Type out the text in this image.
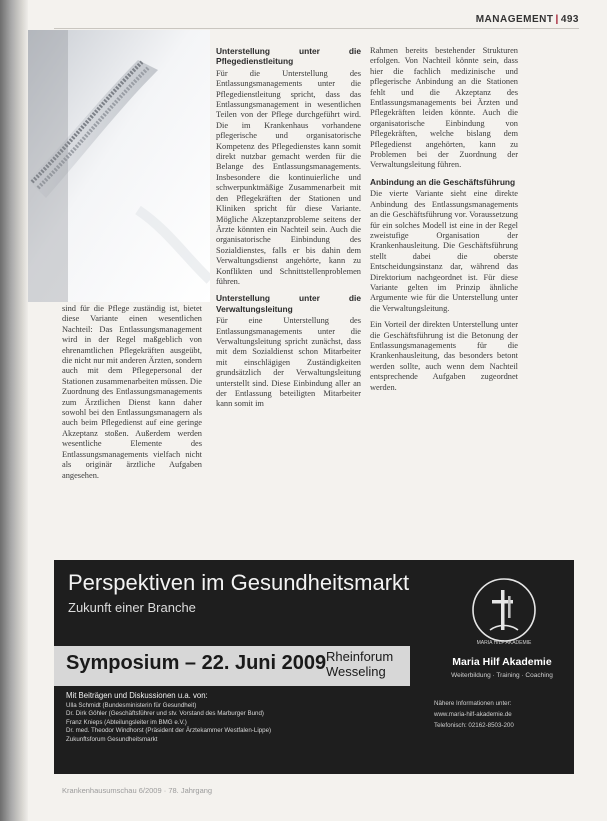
MANAGEMENT | 493

sind für die Pflege zuständig ist, bietet diese Variante einen wesentlichen Nachteil: Das Entlassungsmanagement wird in der Regel maßgeblich von ehrenamtlichen Pflegekräften ausgeübt, die nicht nur mit anderen Ärzten, sondern auch mit dem Pflegepersonal der Stationen zusammenarbeiten müssen. Die Zuordnung des Entlassungsmanagements zum Ärztlichen Dienst kann daher sowohl bei den Entlassungsmanagern als auch beim Pflegedienst auf eine geringe Akzeptanz stoßen. Außerdem werden wesentliche Elemente des Entlassungsmanagements vielfach nicht als originär ärztliche Aufgaben angesehen.

Unterstellung unter die Pflegedienstleitung

Für die Unterstellung des Entlassungsmanagements unter die Pflegedienstleitung spricht, dass das Entlassungsmanagement in wesentlichen Teilen von der Pflege durchgeführt wird. Die im Krankenhaus vorhandene pflegerische und organisatorische Kompetenz des Pflegedienstes kann somit direkt nutzbar gemacht werden für die Belange des Entlassungsmanagements. Insbesondere die kontinuierliche und schwerpunktmäßige Zusammenarbeit mit den Pflegekräften der Stationen und Kliniken spricht für diese Variante. Mögliche Akzeptanzprobleme seitens der Ärzte könnten ein Nachteil sein. Auch die organisatorische Einbindung des Sozialdienstes, falls er bis dahin dem Verwaltungsdienst angehörte, kann zu Konflikten und Schnittstellenproblemen führen.

Unterstellung unter die Verwaltungsleitung

Für eine Unterstellung des Entlassungsmanagements unter die Verwaltungsleitung spricht zunächst, dass mit dem Sozialdienst schon Mitarbeiter mit einschlägigen Zuständigkeiten grundsätzlich der Verwaltungsleitung unterstellt sind. Diese Einbindung aller an der Entlassung beteiligten Mitarbeiter kann somit im

Rahmen bereits bestehender Strukturen erfolgen. Von Nachteil könnte sein, dass hier die fachlich medizinische und pflegerische Anbindung an die Stationen fehlt und die Akzeptanz des Entlassungsmanagements bei Ärzten und Pflegekräften leiden könnte. Auch die organisatorische Einbindung von Pflegekräften, welche bislang dem Pflegedienst angehörten, kann zu Problemen bei der Zuordnung der Verwaltungsleitung führen.

Anbindung an die Geschäftsführung

Die vierte Variante sieht eine direkte Anbindung des Entlassungsmanagements an die Geschäftsführung vor. Voraussetzung für ein solches Modell ist eine in der Regel zweistufige Organisation der Krankenhausleitung. Die Geschäftsführung stellt dabei die oberste Entscheidungsinstanz dar, während das Direktorium nachgeordnet ist. Für diese Variante gelten im Prinzip ähnliche Argumente wie für die Unterstellung unter die Verwaltungsleitung.

Ein Vorteil der direkten Unterstellung unter die Geschäftsführung ist die Betonung der Entlassungsmanagements für die Krankenhausleitung, das besonders betont werden sollte, auch wenn dem Nachteil entsprechende Aufgaben zugeordnet werden.

Perspektiven im Gesundheitsmarkt
Zukunft einer Branche
Symposium – 22. Juni 2009 Rheinforum
Wesseling
MARIA HILF AKADEMIE
Maria Hilf Akademie
Weiterbildung · Training · Coaching
Mit Beiträgen und Diskussionen u.a. von:
Ulla Schmidt (Bundesministerin für Gesundheit)
Dr. Dirk Göhler (Geschäftsführer und stv. Vorstand des Marburger Bund)
Franz Knieps (Abteilungsleiter im BMG e.V.)
Dr. med. Theodor Windhorst (Präsident der Ärztekammer Westfalen-Lippe)
Zukunftsforum Gesundheitsmarkt
Nähere Informationen unter:
www.maria-hilf-akademie.de
Telefonisch: 02162-8503-200
Krankenhausumschau 6/2009 · 78. Jahrgang
